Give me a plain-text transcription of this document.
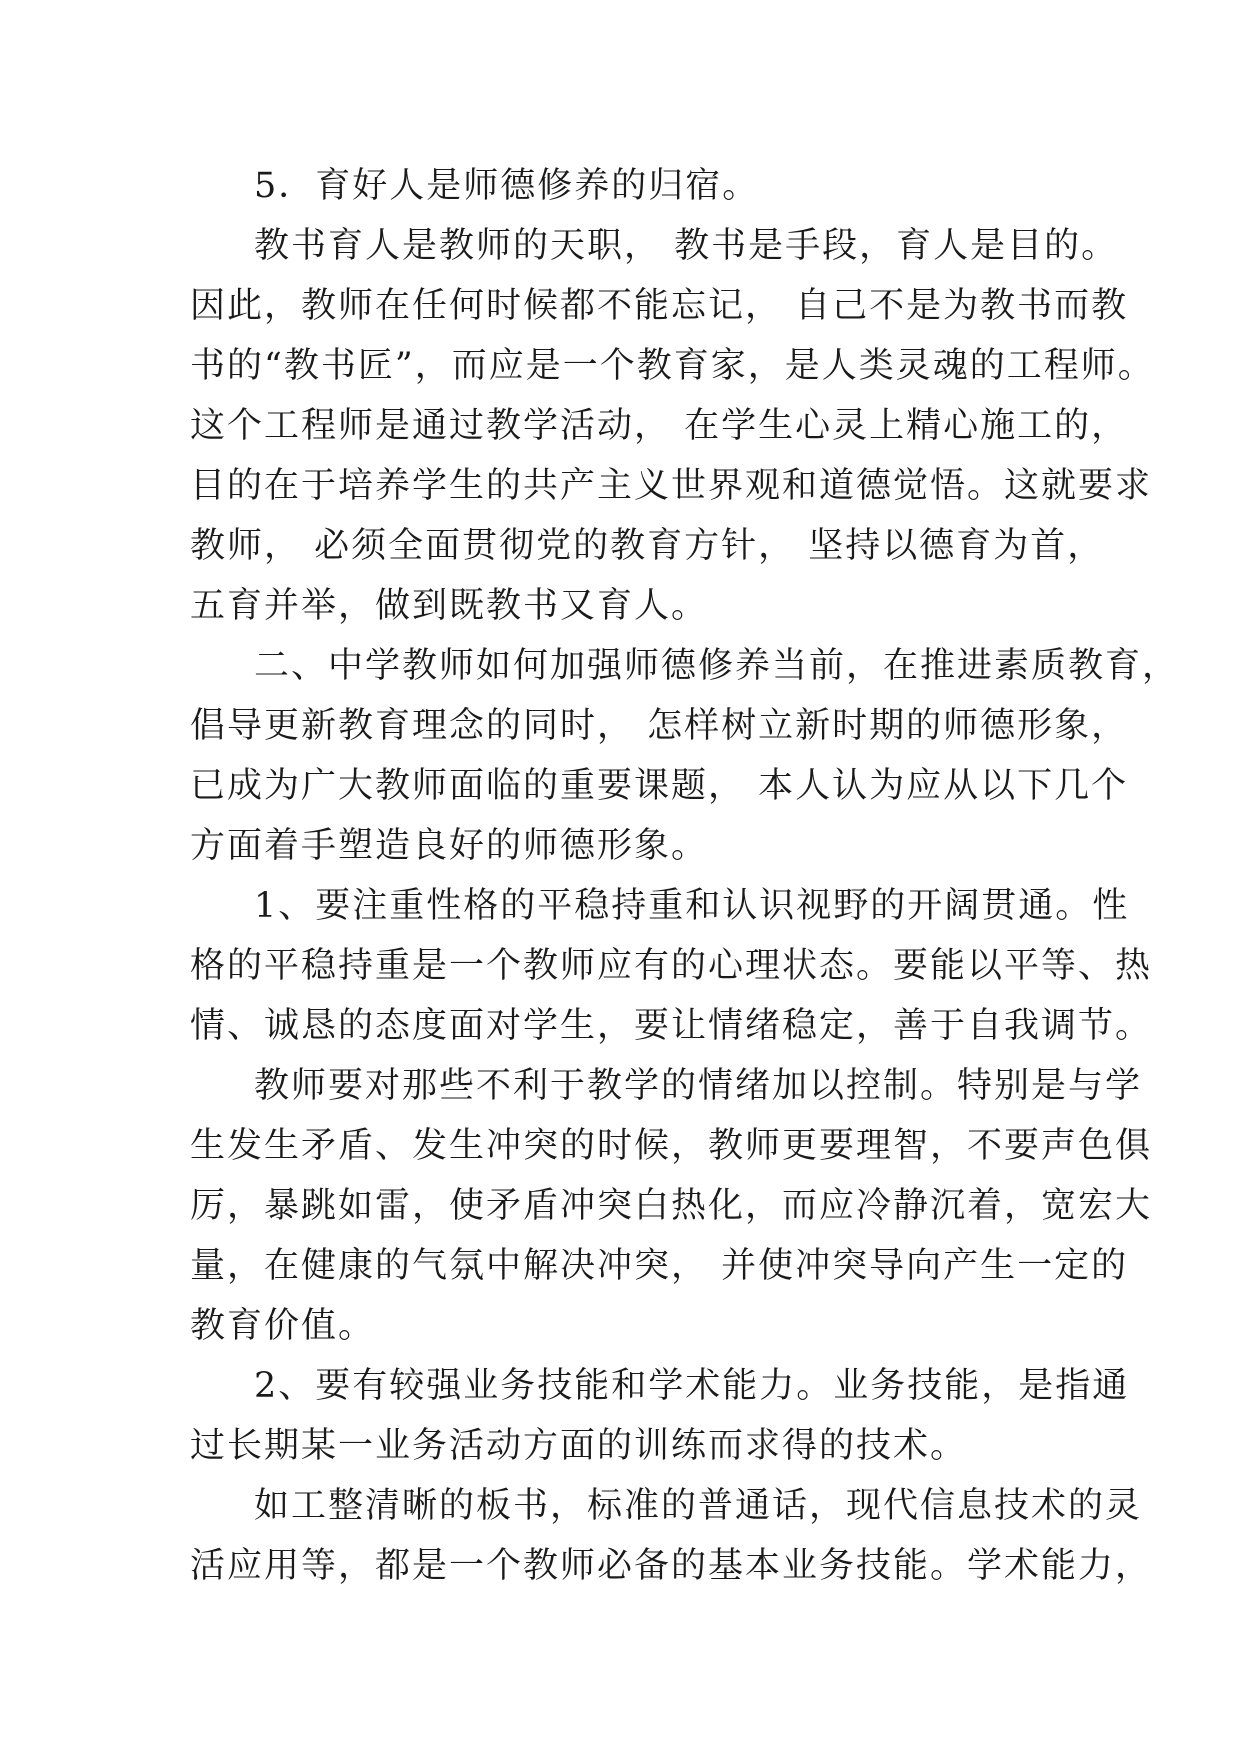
5．育好人是师德修养的归宿。
教书育人是教师的天职， 教书是手段，育人是目的。
因此，教师在任何时候都不能忘记， 自己不是为教书而教
书的“教书匠”，而应是一个教育家，是人类灵魂的工程师。
这个工程师是通过教学活动， 在学生心灵上精心施工的，
目的在于培养学生的共产主义世界观和道德觉悟。这就要求
教师， 必须全面贯彻党的教育方针， 坚持以德育为首，
五育并举，做到既教书又育人。
二、中学教师如何加强师德修养当前，在推进素质教育，
倡导更新教育理念的同时， 怎样树立新时期的师德形象，
已成为广大教师面临的重要课题， 本人认为应从以下几个
方面着手塑造良好的师德形象。
1、要注重性格的平稳持重和认识视野的开阔贯通。性
格的平稳持重是一个教师应有的心理状态。要能以平等、热
情、诚恳的态度面对学生，要让情绪稳定，善于自我调节。
教师要对那些不利于教学的情绪加以控制。特别是与学
生发生矛盾、发生冲突的时候，教师更要理智，不要声色俱
厉，暴跳如雷，使矛盾冲突白热化，而应冷静沉着，宽宏大
量，在健康的气氛中解决冲突， 并使冲突导向产生一定的
教育价值。
2、要有较强业务技能和学术能力。业务技能，是指通
过长期某一业务活动方面的训练而求得的技术。
如工整清晰的板书，标准的普通话，现代信息技术的灵
活应用等，都是一个教师必备的基本业务技能。学术能力，
